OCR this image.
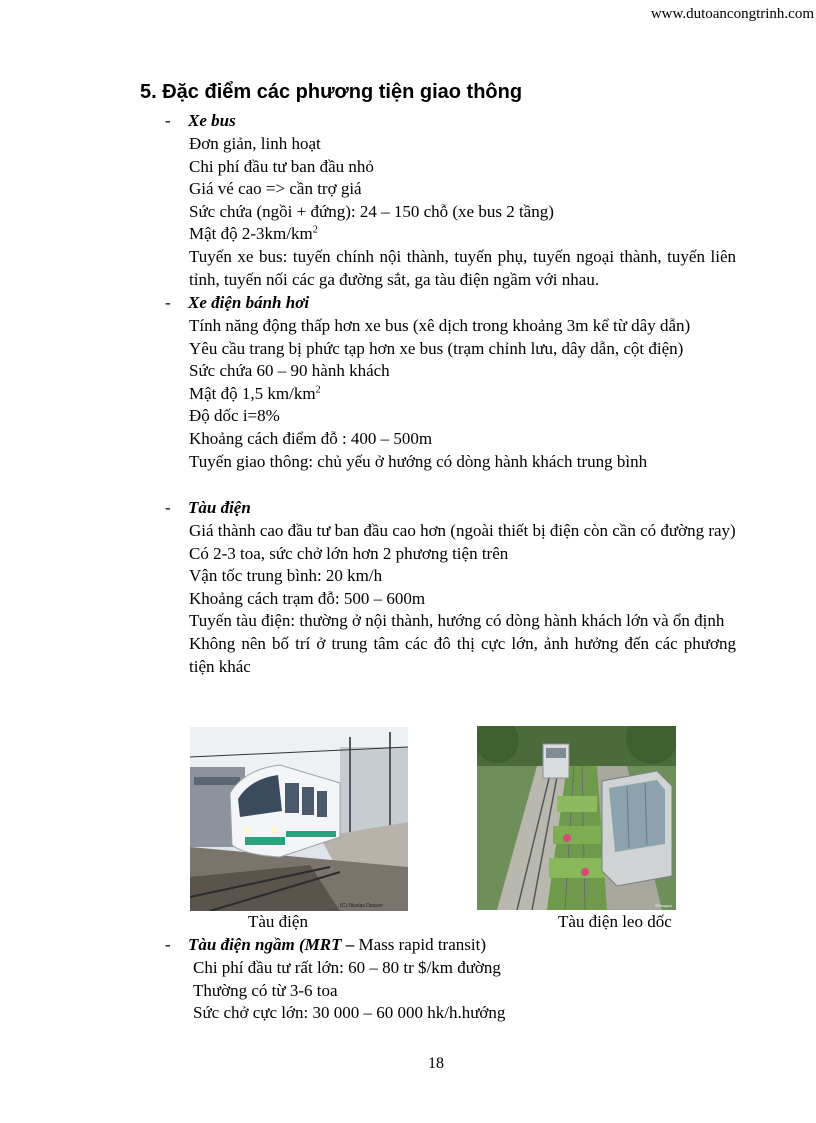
www.dutoancongtrinh.com
5. Đặc điểm các phương tiện giao thông
- Xe bus
Đơn giản, linh hoạt
Chi phí đầu tư ban đầu nhỏ
Giá vé cao => cần trợ giá
Sức chứa (ngồi + đứng): 24 – 150 chỗ (xe bus 2 tầng)
Mật độ $2-3km/km^2$
Tuyến xe bus: tuyến chính nội thành, tuyến phụ, tuyến ngoại thành, tuyến liên tỉnh, tuyến nối các ga đường sắt, ga tàu điện ngầm với nhau.
- Xe điện bánh hơi
Tính năng động thấp hơn xe bus (xê dịch trong khoảng 3m kể từ dây dẫn)
Yêu cầu trang bị phức tạp hơn xe bus (trạm chỉnh lưu, dây dẫn, cột điện)
Sức chứa 60 – 90 hành khách
Mật độ 1,5 $km/km^2$
Độ dốc i=8%
Khoảng cách điểm đỗ : 400 – 500m
Tuyến giao thông: chủ yếu ở hướng có dòng hành khách trung bình
- Tàu điện
Giá thành cao đầu tư ban đầu cao hơn (ngoài thiết bị điện còn cần có đường ray)
Có 2-3 toa, sức chở lớn hơn 2 phương tiện trên
Vận tốc trung bình: 20 km/h
Khoảng cách trạm đỗ: 500 – 600m
Tuyến tàu điện: thường ở nội thành, hướng có dòng hành khách lớn và ổn định
Không nên bố trí ở trung tâm các đô thị cực lớn, ảnh hưởng đến các phương tiện khác
(C) Nicolas Dossier	©Knoppa
Tàu điện	Tàu điện leo dốc
- Tàu điện ngầm (MRT – Mass rapid transit)
Chi phí đầu tư rất lớn: 60 – 80 tr $/km đường
Thường có từ 3-6 toa
Sức chở cực lớn: 30 000 – 60 000 hk/h.hướng
18
